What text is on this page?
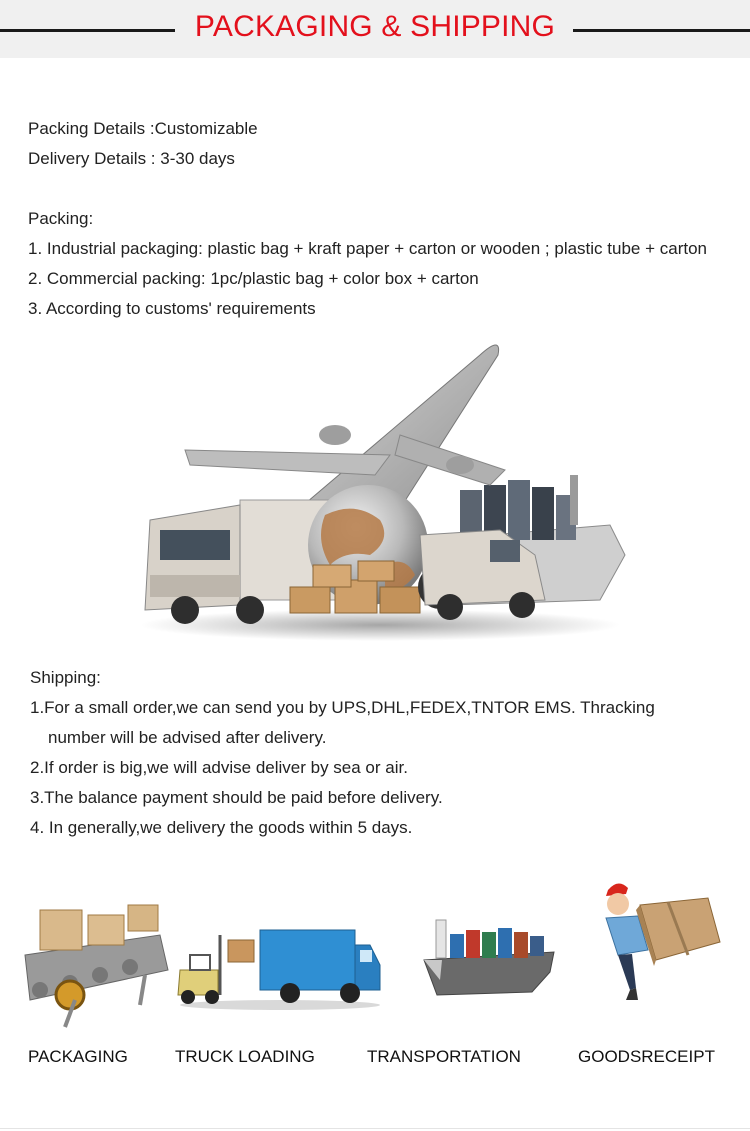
PACKAGING & SHIPPING
Packing Details :Customizable
Delivery Details : 3-30 days
Packing:
1. Industrial packaging: plastic bag + kraft paper + carton or wooden ; plastic tube + carton
2. Commercial packing: 1pc/plastic bag + color box + carton
3. According to customs' requirements
Shipping:
1.For a small order,we can send you by UPS,DHL,FEDEX,TNTOR EMS. Thracking
number will be advised after delivery.
2.If order is big,we will advise deliver by sea or air.
3.The balance payment should be paid before delivery.
4. In generally,we delivery the goods within 5 days.
PACKAGING	TRUCK LOADING	TRANSPORTATION	GOODSRECEIPT
